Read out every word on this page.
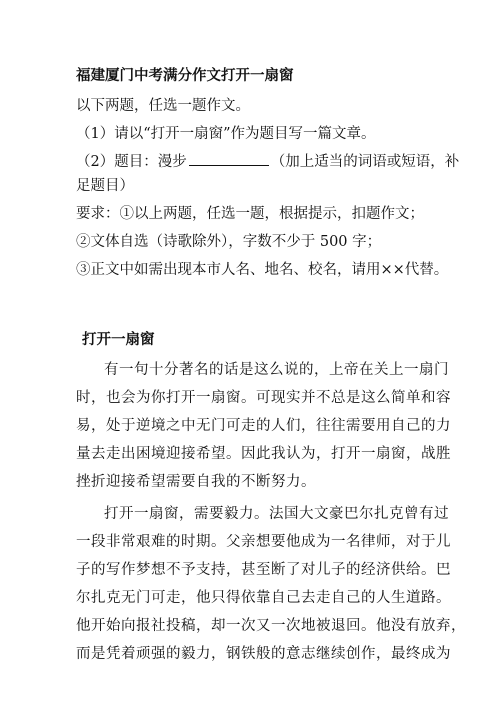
福建厦门中考满分作文打开一扇窗
以下两题，任选一题作文。
（1）请以“打开一扇窗”作为题目写一篇文章。
（2）题目：漫步	（加上适当的词语或短语，补
足题目）
要求：①以上两题，任选一题，根据提示，扣题作文；
②文体自选（诗歌除外），字数不少于 500 字；
③正文中如需出现本市人名、地名、校名，请用××代替。
打开一扇窗
有一句十分著名的话是这么说的，上帝在关上一扇门
时，也会为你打开一扇窗。可现实并不总是这么简单和容
易，处于逆境之中无门可走的人们，往往需要用自己的力
量去走出困境迎接希望。因此我认为，打开一扇窗，战胜
挫折迎接希望需要自我的不断努力。
打开一扇窗，需要毅力。法国大文豪巴尔扎克曾有过
一段非常艰难的时期。父亲想要他成为一名律师，对于儿
子的写作梦想不予支持，甚至断了对儿子的经济供给。巴
尔扎克无门可走，他只得依靠自己去走自己的人生道路。
他开始向报社投稿，却一次又一次地被退回。他没有放弃，
而是凭着顽强的毅力，钢铁般的意志继续创作，最终成为
